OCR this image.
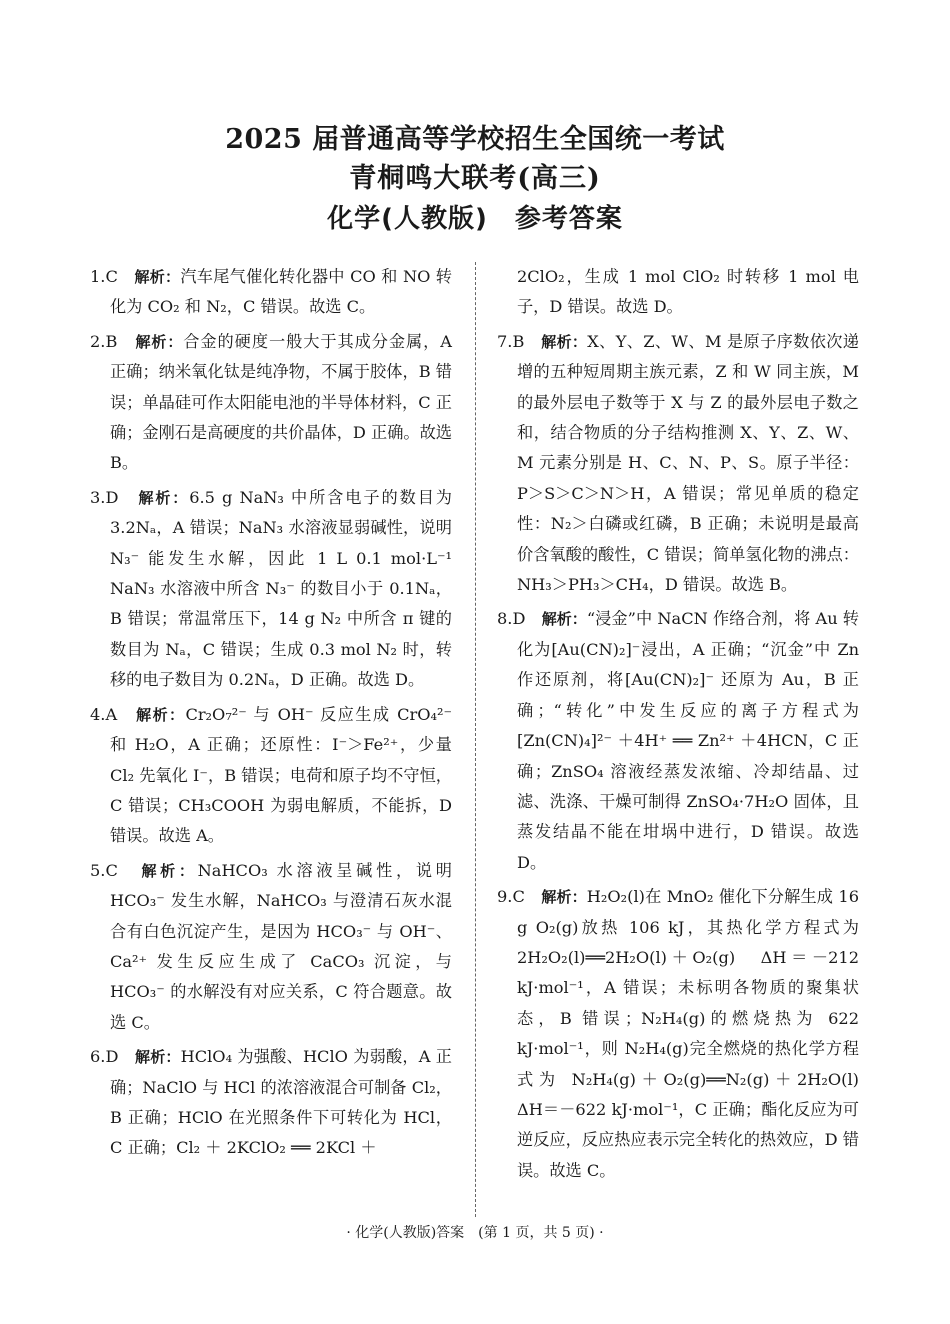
2025 届普通高等学校招生全国统一考试
青桐鸣大联考(高三)
化学(人教版)　参考答案

1.C　 解析：汽车尾气催化转化器中 CO 和 NO 转化为 CO₂ 和 N₂，C 错误。故选 C。

2.B　 解析：合金的硬度一般大于其成分金属，A 正确；纳米氧化钛是纯净物，不属于胶体，B 错误；单晶硅可作太阳能电池的半导体材料，C 正确；金刚石是高硬度的共价晶体，D 正确。故选 B。

3.D　 解析：6.5 g NaN₃ 中所含电子的数目为 3.2Nₐ，A 错误；NaN₃ 水溶液显弱碱性，说明 N₃⁻ 能发生水解，因此 1 L 0.1 mol·L⁻¹ NaN₃ 水溶液中所含 N₃⁻ 的数目小于 0.1Nₐ，B 错误；常温常压下，14 g N₂ 中所含 π 键的数目为 Nₐ，C 错误；生成 0.3 mol N₂ 时，转移的电子数目为 0.2Nₐ，D 正确。故选 D。

4.A　 解析：Cr₂O₇²⁻ 与 OH⁻ 反应生成 CrO₄²⁻ 和 H₂O，A 正确；还原性：I⁻＞Fe²⁺，少量 Cl₂ 先氧化 I⁻，B 错误；电荷和原子均不守恒，C 错误；CH₃COOH 为弱电解质，不能拆，D 错误。故选 A。

5.C　 解析：NaHCO₃ 水溶液呈碱性，说明 HCO₃⁻ 发生水解，NaHCO₃ 与澄清石灰水混合有白色沉淀产生，是因为 HCO₃⁻ 与 OH⁻、Ca²⁺ 发生反应生成了 CaCO₃ 沉淀，与 HCO₃⁻ 的水解没有对应关系，C 符合题意。故选 C。

6.D　 解析：HClO₄ 为强酸、HClO 为弱酸，A 正确；NaClO 与 HCl 的浓溶液混合可制备 Cl₂，B 正确；HClO 在光照条件下可转化为 HCl，C 正确；Cl₂ ＋ 2KClO₂ ══ 2KCl ＋

2ClO₂，生成 1 mol ClO₂ 时转移 1 mol 电子，D 错误。故选 D。

7.B　 解析：X、Y、Z、W、M 是原子序数依次递增的五种短周期主族元素，Z 和 W 同主族，M 的最外层电子数等于 X 与 Z 的最外层电子数之和，结合物质的分子结构推测 X、Y、Z、W、M 元素分别是 H、C、N、P、S。原子半径：P＞S＞C＞N＞H，A 错误；常见单质的稳定性：N₂＞白磷或红磷，B 正确；未说明是最高价含氧酸的酸性，C 错误；简单氢化物的沸点：NH₃＞PH₃＞CH₄，D 错误。故选 B。

8.D　 解析：“浸金”中 NaCN 作络合剂，将 Au 转化为[Au(CN)₂]⁻浸出，A 正确；“沉金”中 Zn 作还原剂，将[Au(CN)₂]⁻ 还原为 Au，B 正确；“转化”中发生反应的离子方程式为 [Zn(CN)₄]²⁻ ＋4H⁺ ══ Zn²⁺ ＋4HCN，C 正确；ZnSO₄ 溶液经蒸发浓缩、冷却结晶、过滤、洗涤、干燥可制得 ZnSO₄·7H₂O 固体，且蒸发结晶不能在坩埚中进行，D 错误。故选 D。

9.C　 解析：H₂O₂(l)在 MnO₂ 催化下分解生成 16 g O₂(g)放热 106 kJ，其热化学方程式为 2H₂O₂(l)══2H₂O(l)＋O₂(g)　ΔH＝－212 kJ·mol⁻¹，A 错误；未标明各物质的聚集状态，B 错误；N₂H₄(g)的燃烧热为 622 kJ·mol⁻¹，则 N₂H₄(g)完全燃烧的热化学方程式为 N₂H₄(g)＋O₂(g)══N₂(g)＋2H₂O(l)　ΔH＝－622 kJ·mol⁻¹，C 正确；酯化反应为可逆反应，反应热应表示完全转化的热效应，D 错误。故选 C。

· 化学(人教版)答案　(第 1 页，共 5 页) ·
